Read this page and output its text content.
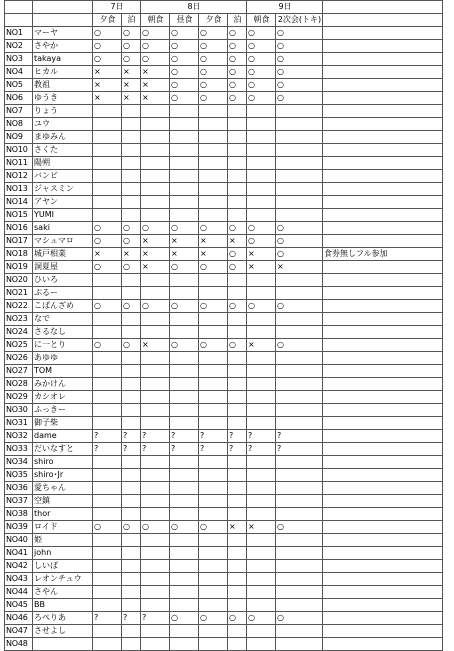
		7日		8日				9日		
		夕食	泊	朝食	昼食	夕食	泊	朝食	2次会(トキ)	
NO1	マーヤ	○	○	○	○	○	○	○	○	
NO2	さやか	○	○	○	○	○	○	○	○	
NO3	takaya	○	○	○	○	○	○	○	○	
NO4	ヒカル	×	×	×	○	○	○	○	○	
NO5	教祖	×	×	×	○	○	○	○	○	
NO6	ゆうき	×	×	×	○	○	○	○	○	
NO7	りょう									
NO8	ユウ									
NO9	まゆみん									
NO10	さくた									
NO11	陽朔									
NO12	バンビ									
NO13	ジャスミン									
NO14	アヤン									
NO15	YUMI									
NO16	saki	○	○	○	○	○	○	○	○	
NO17	マシュマロ	○	○	×	×	×	×	○	○	
NO18	城戸相業	×	×	×	×	×	○	×	○	食券無しフル参加
NO19	洞夏屋	○	○	×	○	○	○	×	×	
NO20	ひいろ									
NO21	ぷるー									
NO22	こばんざめ	○	○	○	○	○	○	○	○	
NO23	なで									
NO24	さるなし									
NO25	に一とり	○	○	×	○	○	○	×	○	
NO26	あゆゆ									
NO27	TOM									
NO28	みかけん									
NO29	カシオレ									
NO30	ふっきー									
NO31	御子柴									
NO32	dame	?	?	?	?	?	?	?	?	
NO33	だいなすと	?	?	?	?	?	?	?	?	
NO34	shiro									
NO35	shiro･Jr									
NO36	愛ちゃん									
NO37	空鎮									
NO38	thor									
NO39	ロイド	○	○	○	○	○	×	×	○	
NO40	姫									
NO41	john									
NO42	しいば									
NO43	レオンチュウ									
NO44	さやん									
NO45	BB									
NO46	ろぺりあ	?	?	?	○	○	○	○	○	
NO47	させよし									
NO48										
